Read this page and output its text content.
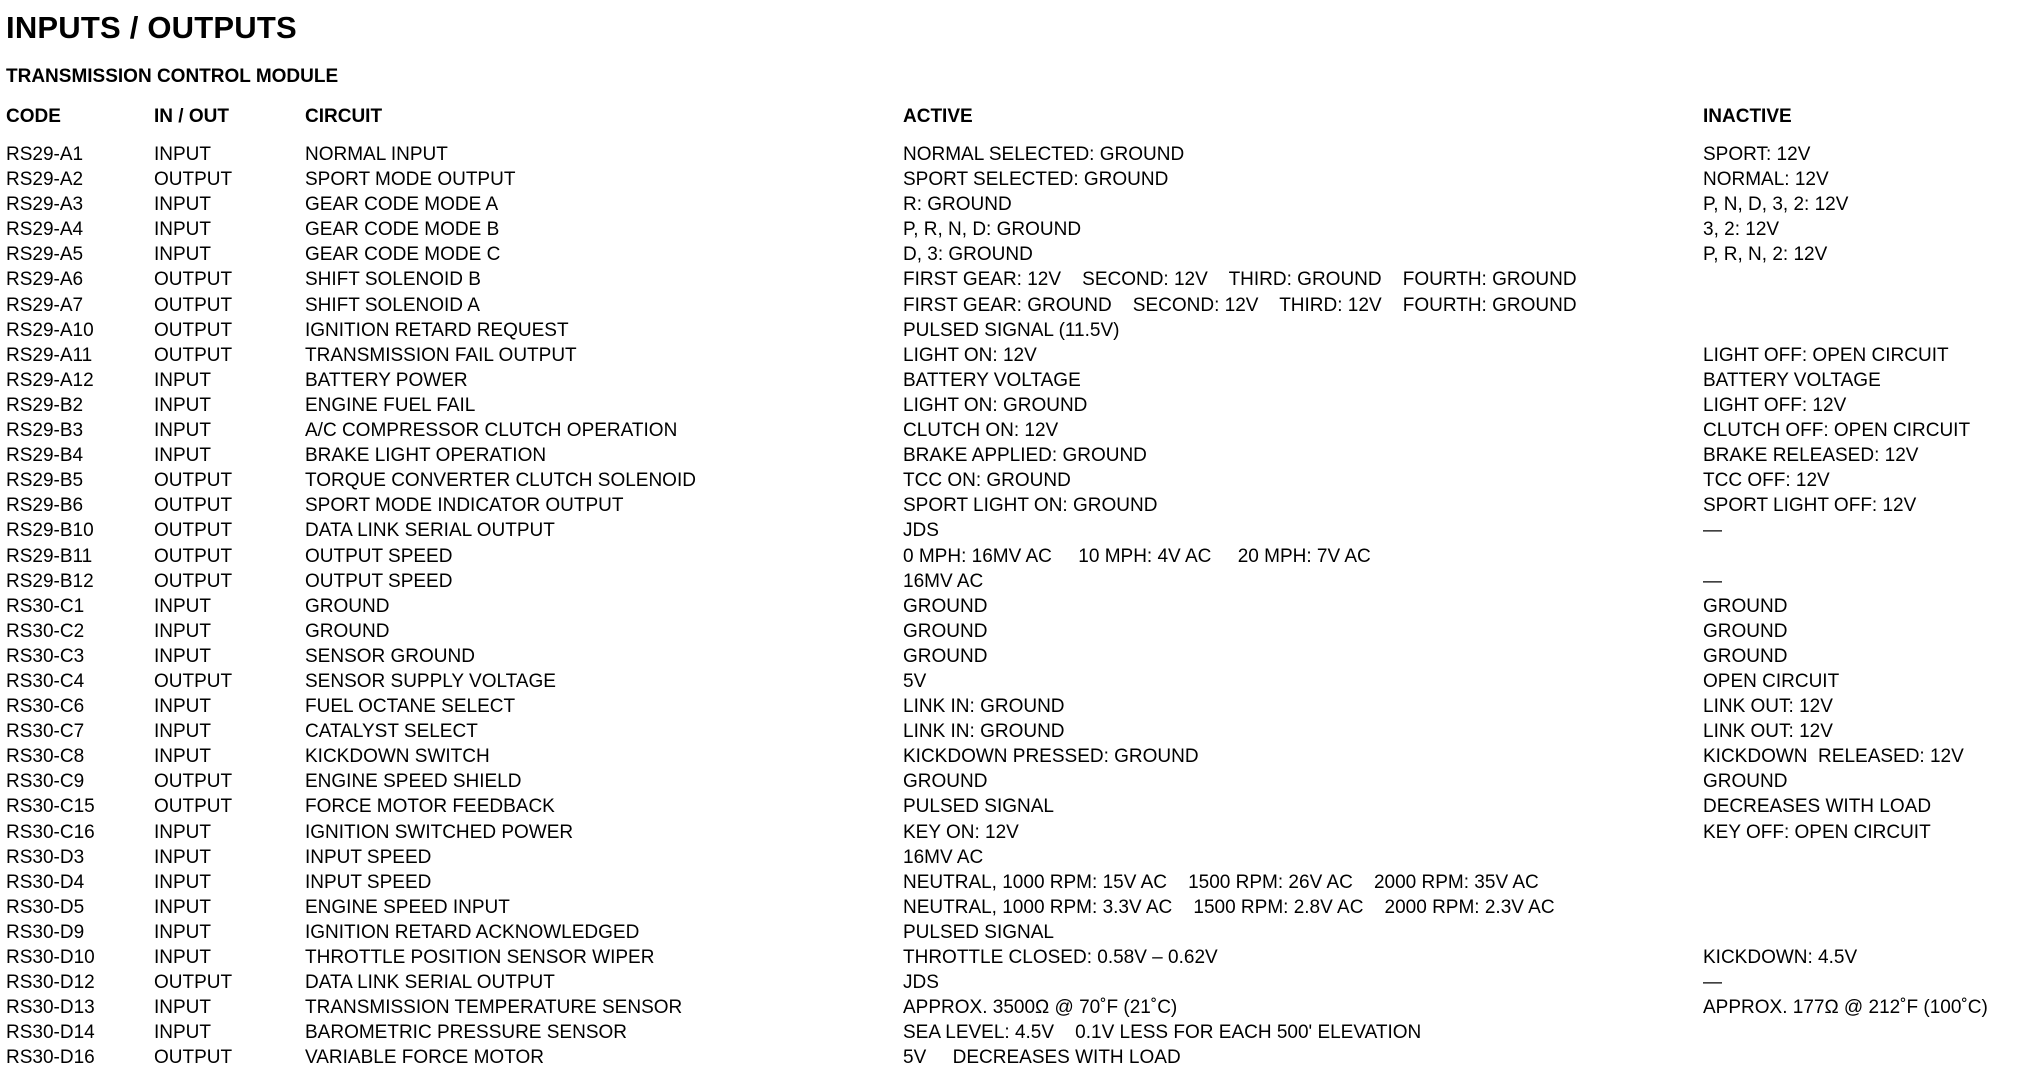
INPUTS / OUTPUTS
TRANSMISSION CONTROL MODULE
CODE	IN / OUT	CIRCUIT	ACTIVE	INACTIVE
RS29-A1	INPUT	NORMAL INPUT	NORMAL SELECTED: GROUND	SPORT: 12V
RS29-A2	OUTPUT	SPORT MODE OUTPUT	SPORT SELECTED: GROUND	NORMAL: 12V
RS29-A3	INPUT	GEAR CODE MODE A	R: GROUND	P, N, D, 3, 2: 12V
RS29-A4	INPUT	GEAR CODE MODE B	P, R, N, D: GROUND	3, 2: 12V
RS29-A5	INPUT	GEAR CODE MODE C	D, 3: GROUND	P, R, N, 2: 12V
RS29-A6	OUTPUT	SHIFT SOLENOID B	FIRST GEAR: 12V    SECOND: 12V    THIRD: GROUND    FOURTH: GROUND
RS29-A7	OUTPUT	SHIFT SOLENOID A	FIRST GEAR: GROUND    SECOND: 12V    THIRD: 12V    FOURTH: GROUND
RS29-A10	OUTPUT	IGNITION RETARD REQUEST	PULSED SIGNAL (11.5V)
RS29-A11	OUTPUT	TRANSMISSION FAIL OUTPUT	LIGHT ON: 12V	LIGHT OFF: OPEN CIRCUIT
RS29-A12	INPUT	BATTERY POWER	BATTERY VOLTAGE	BATTERY VOLTAGE
RS29-B2	INPUT	ENGINE FUEL FAIL	LIGHT ON: GROUND	LIGHT OFF: 12V
RS29-B3	INPUT	A/C COMPRESSOR CLUTCH OPERATION	CLUTCH ON: 12V	CLUTCH OFF: OPEN CIRCUIT
RS29-B4	INPUT	BRAKE LIGHT OPERATION	BRAKE APPLIED: GROUND	BRAKE RELEASED: 12V
RS29-B5	OUTPUT	TORQUE CONVERTER CLUTCH SOLENOID	TCC ON: GROUND	TCC OFF: 12V
RS29-B6	OUTPUT	SPORT MODE INDICATOR OUTPUT	SPORT LIGHT ON: GROUND	SPORT LIGHT OFF: 12V
RS29-B10	OUTPUT	DATA LINK SERIAL OUTPUT	JDS	—
RS29-B11	OUTPUT	OUTPUT SPEED	0 MPH: 16MV AC     10 MPH: 4V AC     20 MPH: 7V AC
RS29-B12	OUTPUT	OUTPUT SPEED	16MV AC	—
RS30-C1	INPUT	GROUND	GROUND	GROUND
RS30-C2	INPUT	GROUND	GROUND	GROUND
RS30-C3	INPUT	SENSOR GROUND	GROUND	GROUND
RS30-C4	OUTPUT	SENSOR SUPPLY VOLTAGE	5V	OPEN CIRCUIT
RS30-C6	INPUT	FUEL OCTANE SELECT	LINK IN: GROUND	LINK OUT: 12V
RS30-C7	INPUT	CATALYST SELECT	LINK IN: GROUND	LINK OUT: 12V
RS30-C8	INPUT	KICKDOWN SWITCH	KICKDOWN PRESSED: GROUND	KICKDOWN  RELEASED: 12V
RS30-C9	OUTPUT	ENGINE SPEED SHIELD	GROUND	GROUND
RS30-C15	OUTPUT	FORCE MOTOR FEEDBACK	PULSED SIGNAL	DECREASES WITH LOAD
RS30-C16	INPUT	IGNITION SWITCHED POWER	KEY ON: 12V	KEY OFF: OPEN CIRCUIT
RS30-D3	INPUT	INPUT SPEED	16MV AC
RS30-D4	INPUT	INPUT SPEED	NEUTRAL, 1000 RPM: 15V AC    1500 RPM: 26V AC    2000 RPM: 35V AC
RS30-D5	INPUT	ENGINE SPEED INPUT	NEUTRAL, 1000 RPM: 3.3V AC    1500 RPM: 2.8V AC    2000 RPM: 2.3V AC
RS30-D9	INPUT	IGNITION RETARD ACKNOWLEDGED	PULSED SIGNAL
RS30-D10	INPUT	THROTTLE POSITION SENSOR WIPER	THROTTLE CLOSED: 0.58V – 0.62V	KICKDOWN: 4.5V
RS30-D12	OUTPUT	DATA LINK SERIAL OUTPUT	JDS	—
RS30-D13	INPUT	TRANSMISSION TEMPERATURE SENSOR	APPROX. 3500Ω @ 70˚F (21˚C)	APPROX. 177Ω @ 212˚F (100˚C)
RS30-D14	INPUT	BAROMETRIC PRESSURE SENSOR	SEA LEVEL: 4.5V    0.1V LESS FOR EACH 500' ELEVATION
RS30-D16	OUTPUT	VARIABLE FORCE MOTOR	5V     DECREASES WITH LOAD
